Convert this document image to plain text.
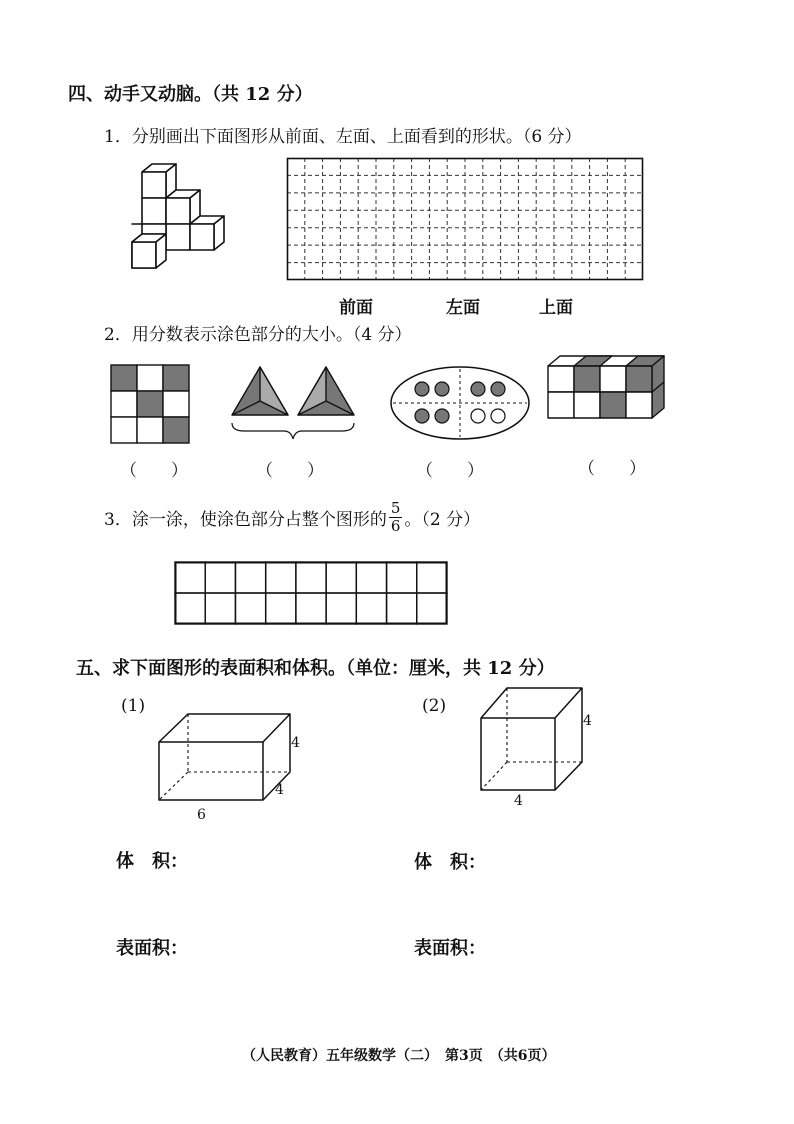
四、动手又动脑。（共 12 分）
1．分别画出下面图形从前面、左面、上面看到的形状。（6 分）
前面	左面	上面
2．用分数表示涂色部分的大小。（4 分）
（　　）	（　　）	（　　）	（　　）
3．涂一涂，使涂色部分占整个图形的 $\frac{5}{6}$ 。（2 分）
五、求下面图形的表面积和体积。（单位：厘米，共 12 分）
(1)	(2)
4
4
6
4
4
体　积：	体　积：
表面积：	表面积：
（人民教育）五年级数学（二）　第3页　（共6页）
